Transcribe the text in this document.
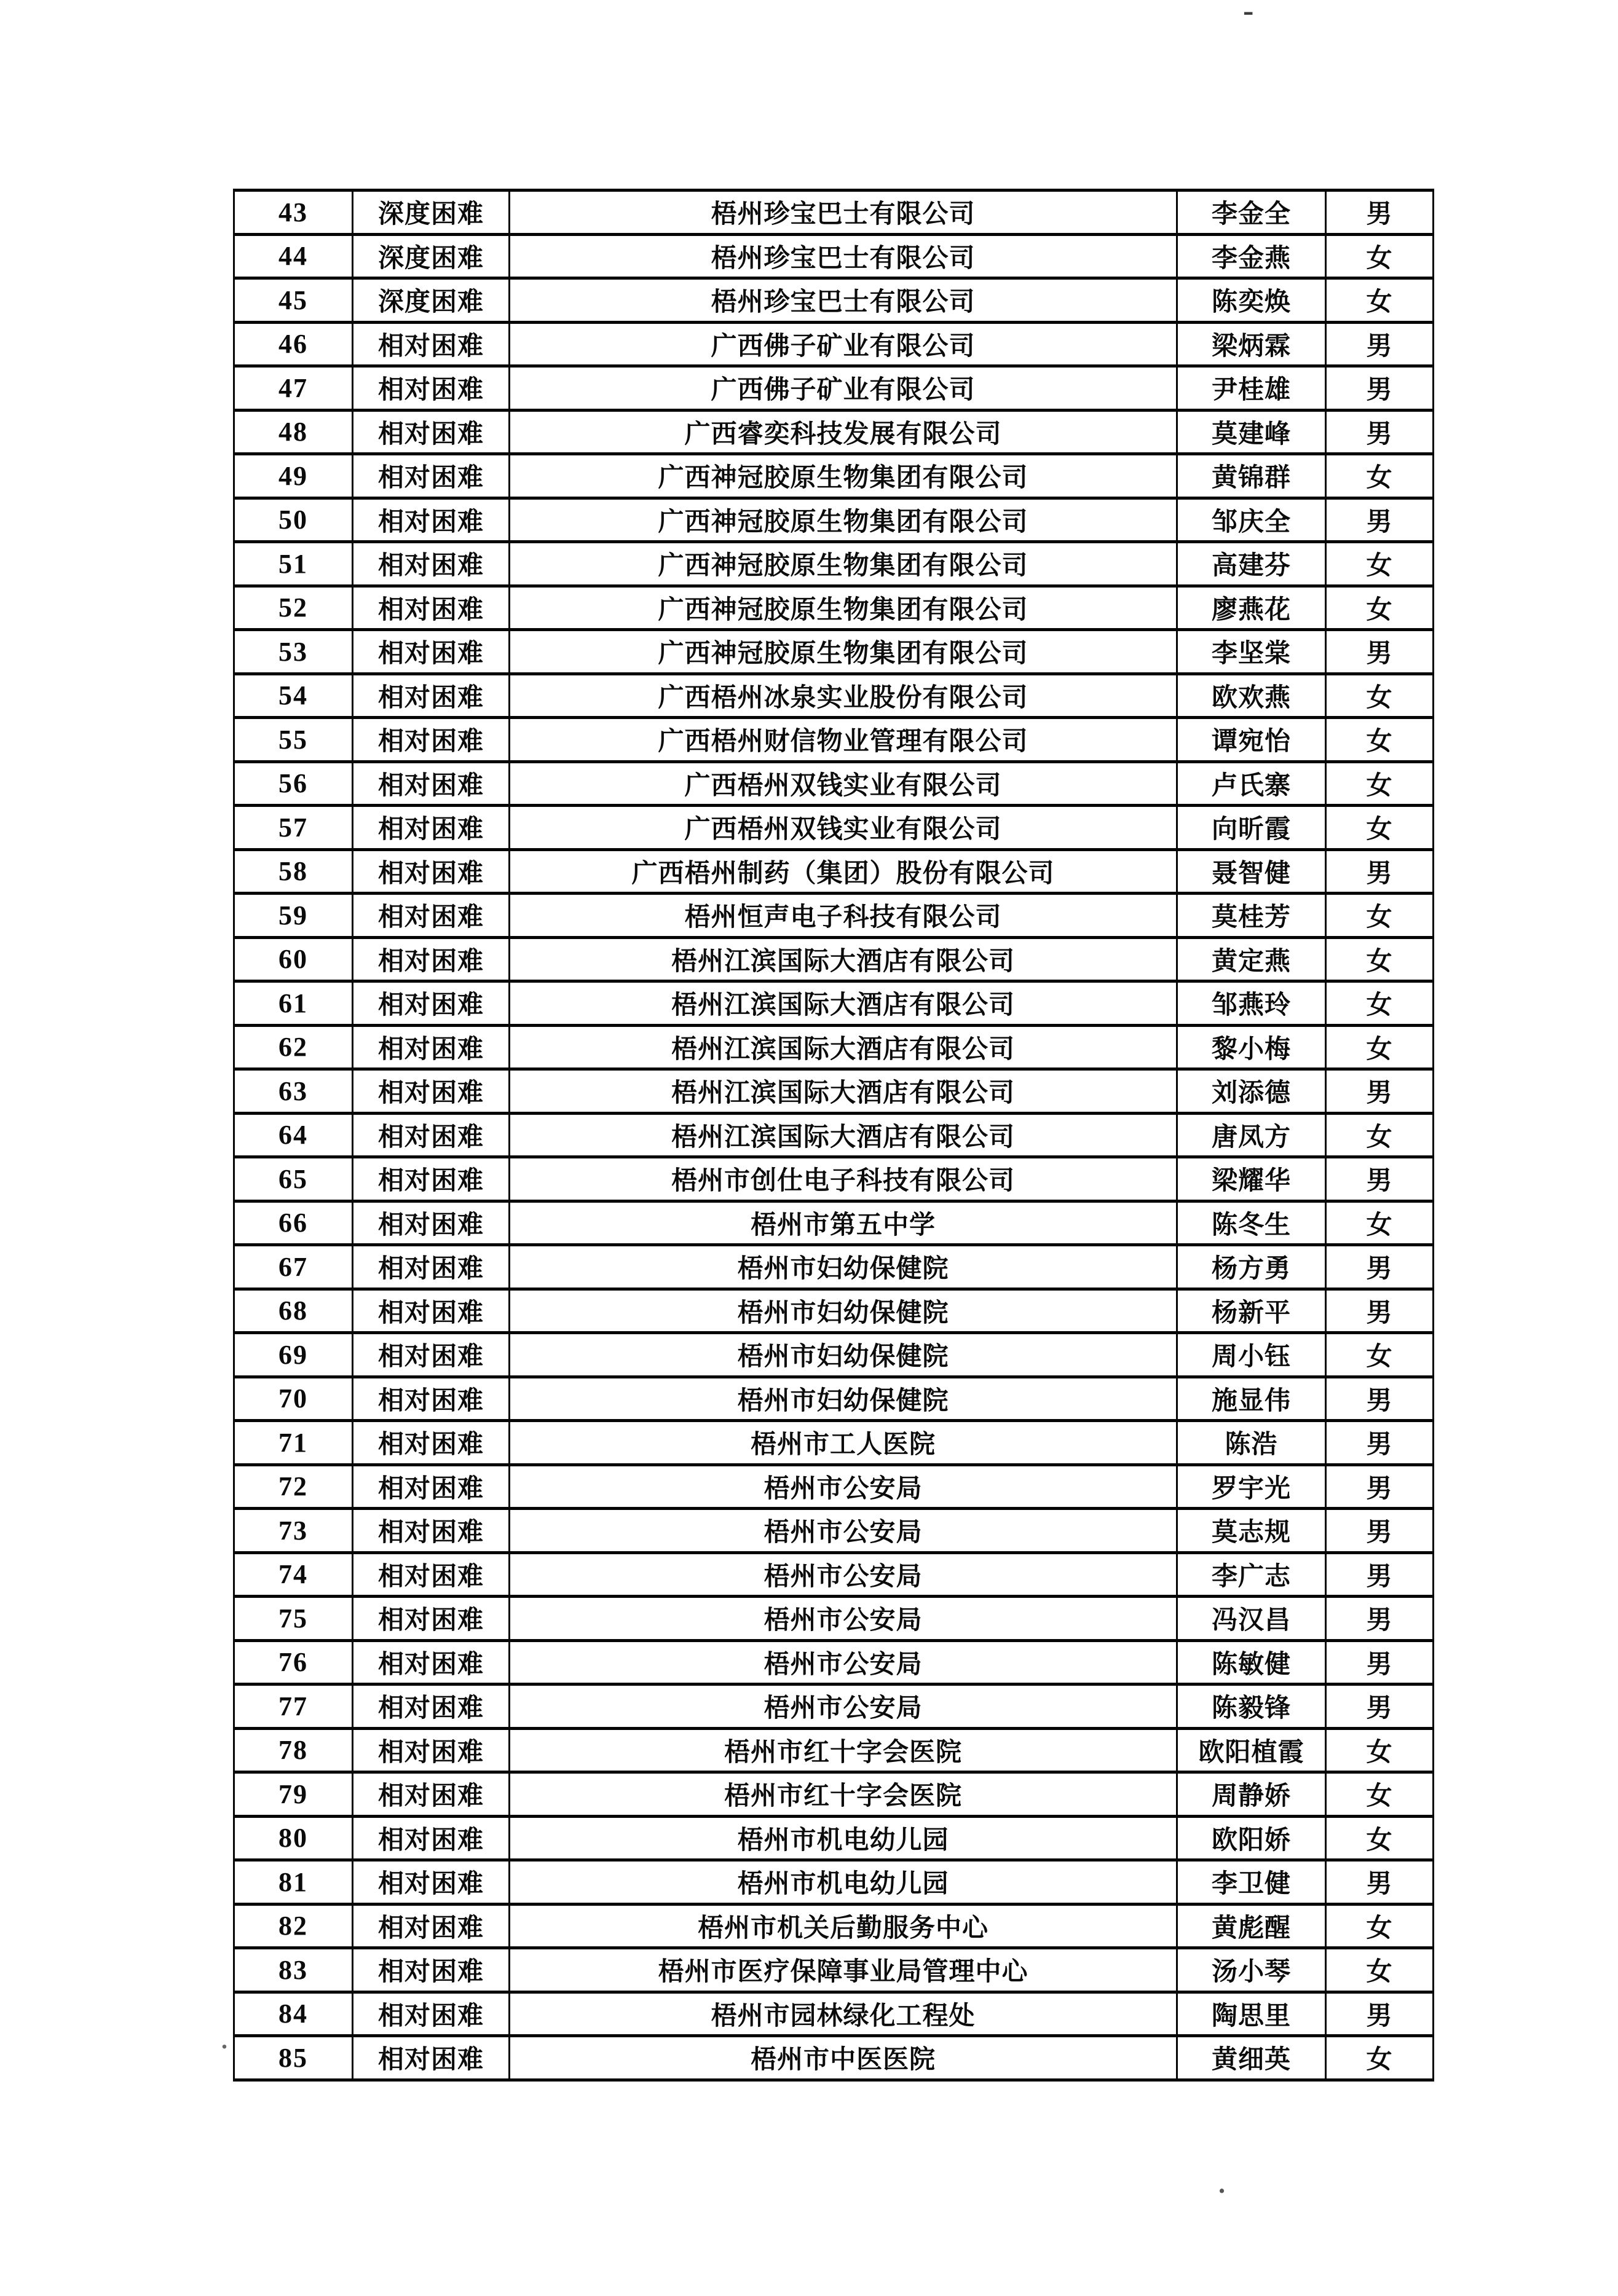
-
43	深度困难	梧州珍宝巴士有限公司	李金全	男
44	深度困难	梧州珍宝巴士有限公司	李金燕	女
45	深度困难	梧州珍宝巴士有限公司	陈奕焕	女
46	相对困难	广西佛子矿业有限公司	梁炳霖	男
47	相对困难	广西佛子矿业有限公司	尹桂雄	男
48	相对困难	广西睿奕科技发展有限公司	莫建峰	男
49	相对困难	广西神冠胶原生物集团有限公司	黄锦群	女
50	相对困难	广西神冠胶原生物集团有限公司	邹庆全	男
51	相对困难	广西神冠胶原生物集团有限公司	高建芬	女
52	相对困难	广西神冠胶原生物集团有限公司	廖燕花	女
53	相对困难	广西神冠胶原生物集团有限公司	李坚棠	男
54	相对困难	广西梧州冰泉实业股份有限公司	欧欢燕	女
55	相对困难	广西梧州财信物业管理有限公司	谭宛怡	女
56	相对困难	广西梧州双钱实业有限公司	卢氏寨	女
57	相对困难	广西梧州双钱实业有限公司	向昕霞	女
58	相对困难	广西梧州制药（集团）股份有限公司	聂智健	男
59	相对困难	梧州恒声电子科技有限公司	莫桂芳	女
60	相对困难	梧州江滨国际大酒店有限公司	黄定燕	女
61	相对困难	梧州江滨国际大酒店有限公司	邹燕玲	女
62	相对困难	梧州江滨国际大酒店有限公司	黎小梅	女
63	相对困难	梧州江滨国际大酒店有限公司	刘添德	男
64	相对困难	梧州江滨国际大酒店有限公司	唐凤方	女
65	相对困难	梧州市创仕电子科技有限公司	梁耀华	男
66	相对困难	梧州市第五中学	陈冬生	女
67	相对困难	梧州市妇幼保健院	杨方勇	男
68	相对困难	梧州市妇幼保健院	杨新平	男
69	相对困难	梧州市妇幼保健院	周小钰	女
70	相对困难	梧州市妇幼保健院	施显伟	男
71	相对困难	梧州市工人医院	陈浩	男
72	相对困难	梧州市公安局	罗宇光	男
73	相对困难	梧州市公安局	莫志规	男
74	相对困难	梧州市公安局	李广志	男
75	相对困难	梧州市公安局	冯汉昌	男
76	相对困难	梧州市公安局	陈敏健	男
77	相对困难	梧州市公安局	陈毅锋	男
78	相对困难	梧州市红十字会医院	欧阳植霞	女
79	相对困难	梧州市红十字会医院	周静娇	女
80	相对困难	梧州市机电幼儿园	欧阳娇	女
81	相对困难	梧州市机电幼儿园	李卫健	男
82	相对困难	梧州市机关后勤服务中心	黄彪醒	女
83	相对困难	梧州市医疗保障事业局管理中心	汤小琴	女
84	相对困难	梧州市园林绿化工程处	陶思里	男
85	相对困难	梧州市中医医院	黄细英	女
.
.
